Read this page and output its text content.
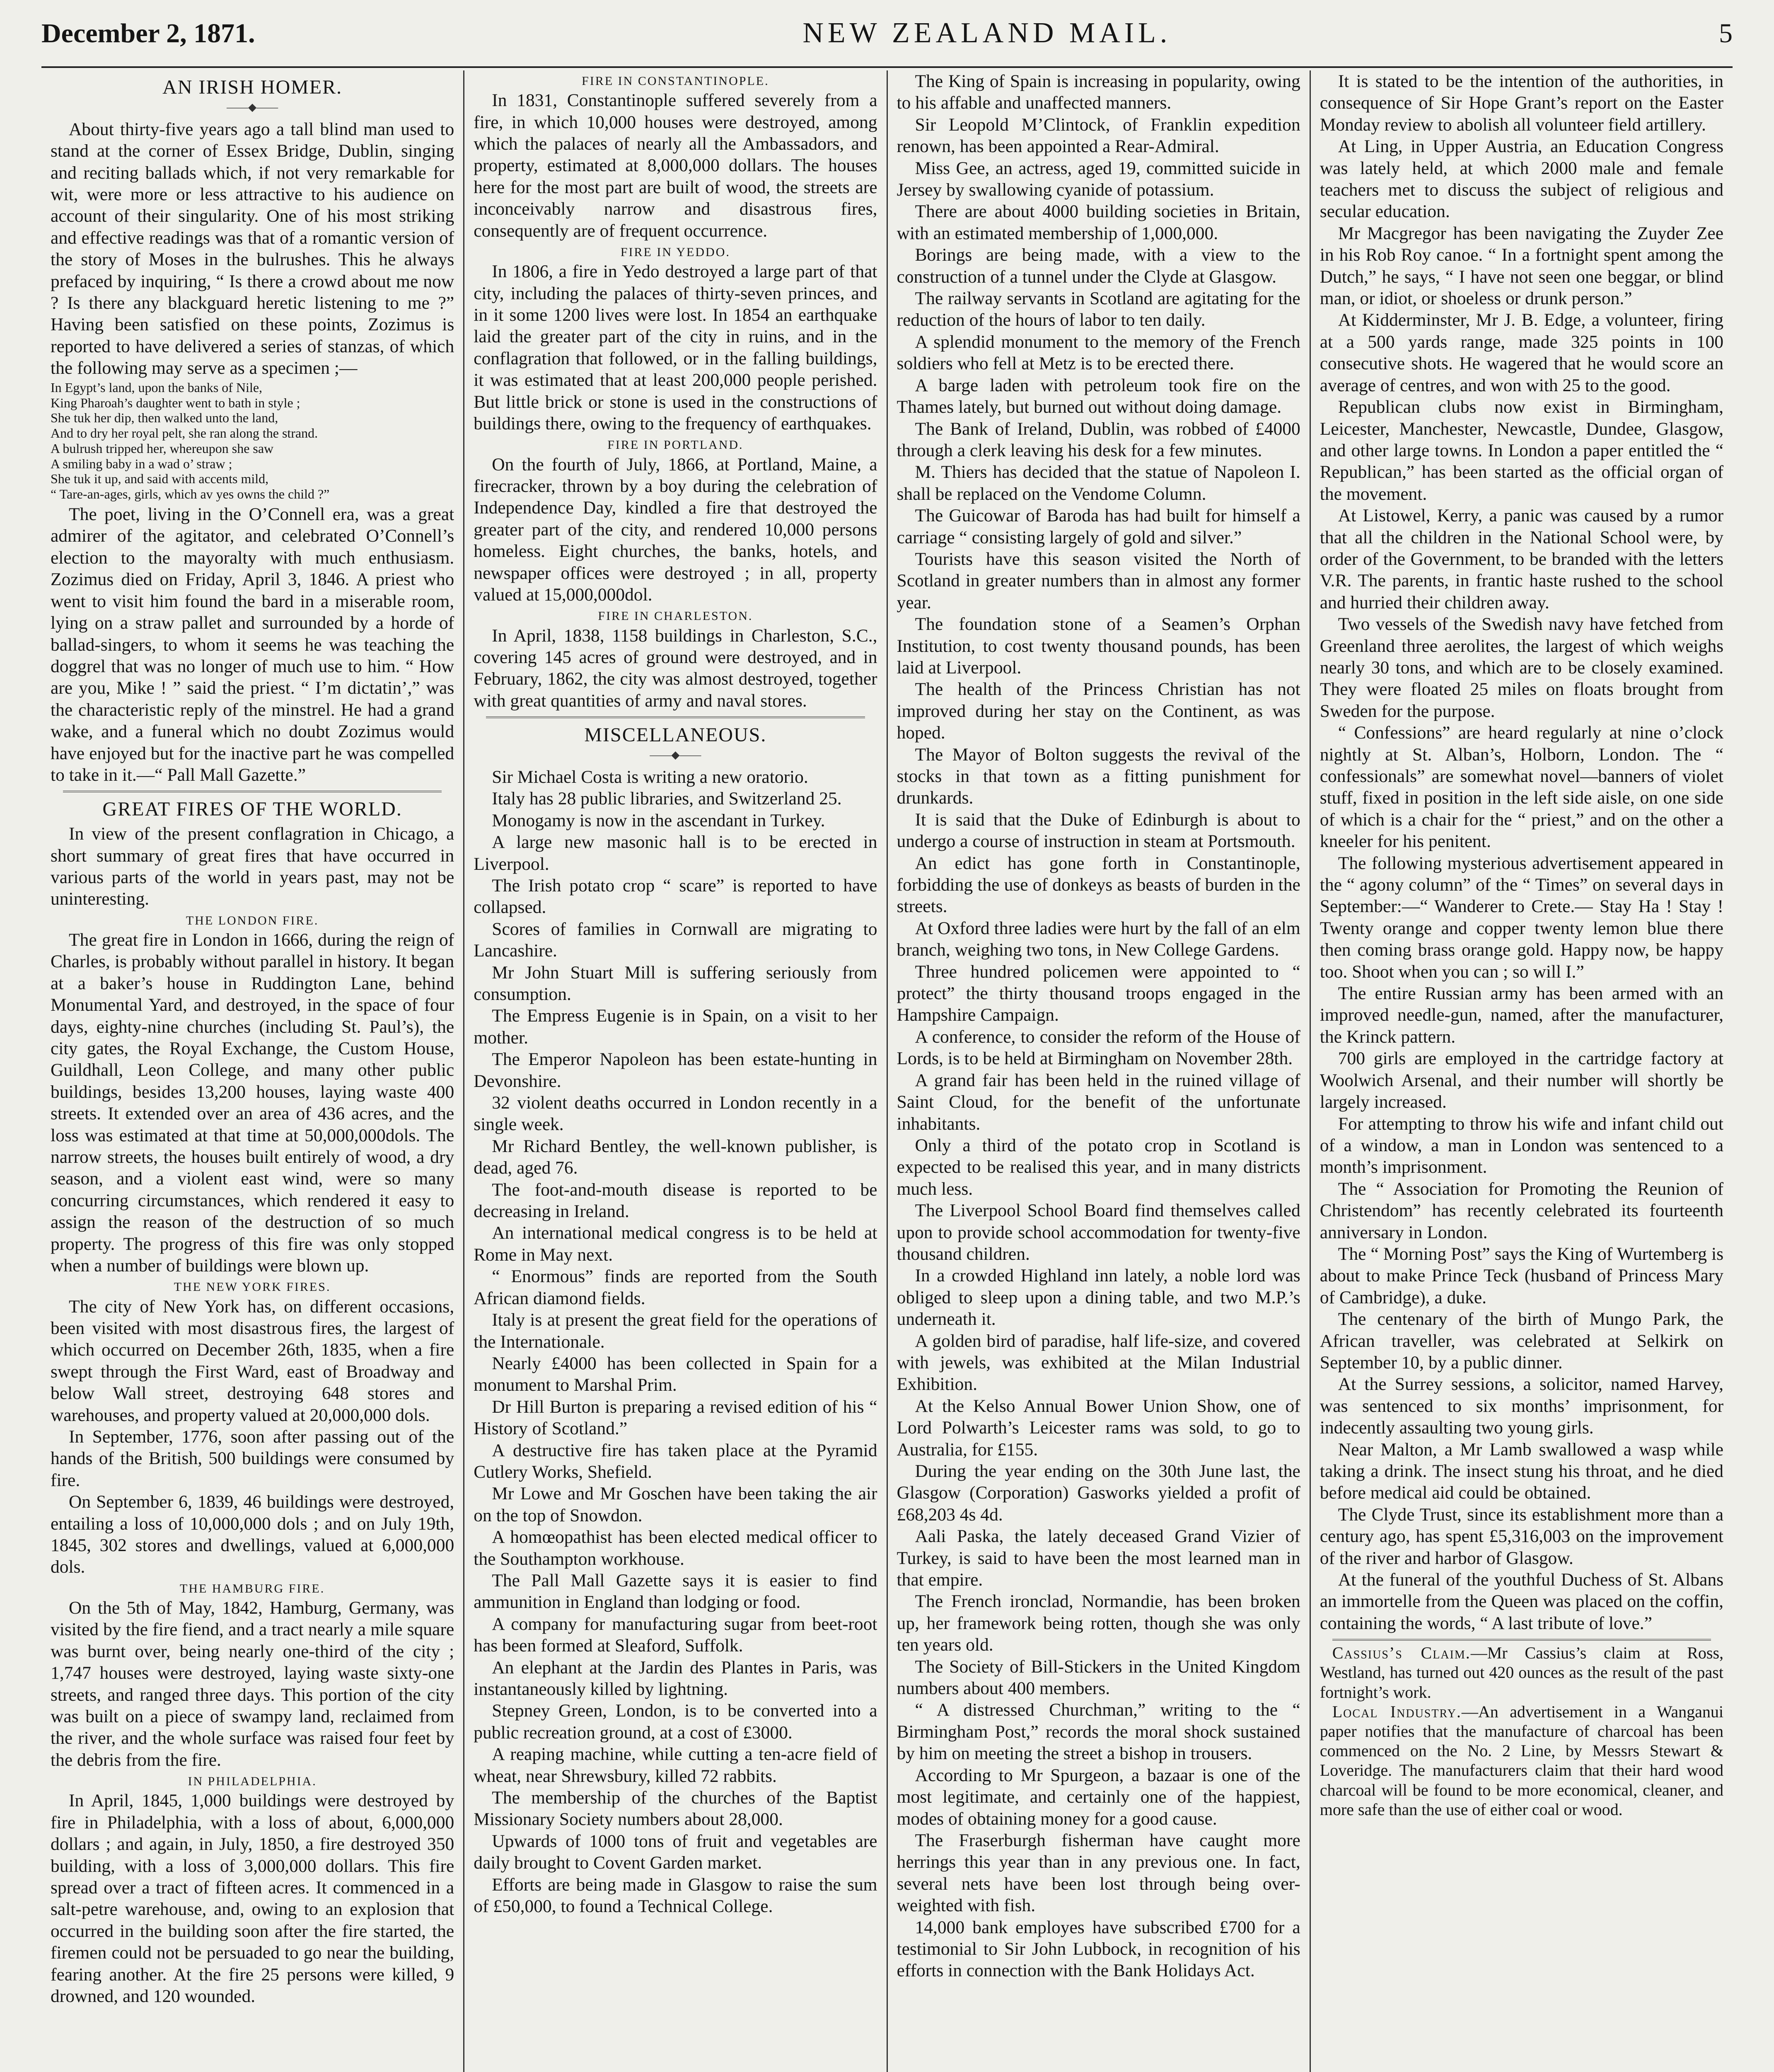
December 2, 1871.	NEW ZEALAND MAIL.	5
AN IRISH HOMER.
——◆——

About thirty-five years ago a tall blind man used to stand at the corner of Essex Bridge, Dublin, singing and reciting ballads which, if not very remarkable for wit, were more or less attractive to his audience on account of their singularity. One of his most striking and effective readings was that of a romantic version of the story of Moses in the bulrushes. This he always prefaced by inquiring, “ Is there a crowd about me now ? Is there any blackguard heretic listening to me ?” Having been satisfied on these points, Zozimus is reported to have delivered a series of stanzas, of which the following may serve as a specimen ;—

In Egypt’s land, upon the banks of Nile,
King Pharoah’s daughter went to bath in style ;
She tuk her dip, then walked unto the land,
And to dry her royal pelt, she ran along the strand.
A bulrush tripped her, whereupon she saw
A smiling baby in a wad o’ straw ;
She tuk it up, and said with accents mild,
“ Tare-an-ages, girls, which av yes owns the child ?”

The poet, living in the O’Connell era, was a great admirer of the agitator, and celebrated O’Connell’s election to the mayoralty with much enthusiasm. Zozimus died on Friday, April 3, 1846. A priest who went to visit him found the bard in a miserable room, lying on a straw pallet and surrounded by a horde of ballad-singers, to whom it seems he was teaching the doggrel that was no longer of much use to him. “ How are you, Mike ! ” said the priest. “ I’m dictatin’,” was the characteristic reply of the minstrel. He had a grand wake, and a funeral which no doubt Zozimus would have enjoyed but for the inactive part he was compelled to take in it.—“ Pall Mall Gazette.”

GREAT FIRES OF THE WORLD.

In view of the present conflagration in Chicago, a short summary of great fires that have occurred in various parts of the world in years past, may not be uninteresting.

THE LONDON FIRE.

The great fire in London in 1666, during the reign of Charles, is probably without parallel in history. It began at a baker’s house in Ruddington Lane, behind Monumental Yard, and destroyed, in the space of four days, eighty-nine churches (including St. Paul’s), the city gates, the Royal Exchange, the Custom House, Guildhall, Leon College, and many other public buildings, besides 13,200 houses, laying waste 400 streets. It extended over an area of 436 acres, and the loss was estimated at that time at 50,000,000dols. The narrow streets, the houses built entirely of wood, a dry season, and a violent east wind, were so many concurring circumstances, which rendered it easy to assign the reason of the destruction of so much property. The progress of this fire was only stopped when a number of buildings were blown up.

THE NEW YORK FIRES.

The city of New York has, on different occasions, been visited with most disastrous fires, the largest of which occurred on December 26th, 1835, when a fire swept through the First Ward, east of Broadway and below Wall street, destroying 648 stores and warehouses, and property valued at 20,000,000 dols.

In September, 1776, soon after passing out of the hands of the British, 500 buildings were consumed by fire.

On September 6, 1839, 46 buildings were destroyed, entailing a loss of 10,000,000 dols ; and on July 19th, 1845, 302 stores and dwellings, valued at 6,000,000 dols.

THE HAMBURG FIRE.

On the 5th of May, 1842, Hamburg, Germany, was visited by the fire fiend, and a tract nearly a mile square was burnt over, being nearly one-third of the city ; 1,747 houses were destroyed, laying waste sixty-one streets, and ranged three days. This portion of the city was built on a piece of swampy land, reclaimed from the river, and the whole surface was raised four feet by the debris from the fire.

IN PHILADELPHIA.

In April, 1845, 1,000 buildings were destroyed by fire in Philadelphia, with a loss of about, 6,000,000 dollars ; and again, in July, 1850, a fire destroyed 350 building, with a loss of 3,000,000 dollars. This fire spread over a tract of fifteen acres. It commenced in a salt-petre warehouse, and, owing to an explosion that occurred in the building soon after the fire started, the firemen could not be persuaded to go near the building, fearing another. At the fire 25 persons were killed, 9 drowned, and 120 wounded.

FIRE IN CONSTANTINOPLE.

In 1831, Constantinople suffered severely from a fire, in which 10,000 houses were destroyed, among which the palaces of nearly all the Ambassadors, and property, estimated at 8,000,000 dollars. The houses here for the most part are built of wood, the streets are inconceivably narrow and disastrous fires, consequently are of frequent occurrence.

FIRE IN YEDDO.

In 1806, a fire in Yedo destroyed a large part of that city, including the palaces of thirty-seven princes, and in it some 1200 lives were lost. In 1854 an earthquake laid the greater part of the city in ruins, and in the conflagration that followed, or in the falling buildings, it was estimated that at least 200,000 people perished. But little brick or stone is used in the constructions of buildings there, owing to the frequency of earthquakes.

FIRE IN PORTLAND.

On the fourth of July, 1866, at Portland, Maine, a firecracker, thrown by a boy during the celebration of Independence Day, kindled a fire that destroyed the greater part of the city, and rendered 10,000 persons homeless. Eight churches, the banks, hotels, and newspaper offices were destroyed ; in all, property valued at 15,000,000dol.

FIRE IN CHARLESTON.

In April, 1838, 1158 buildings in Charleston, S.C., covering 145 acres of ground were destroyed, and in February, 1862, the city was almost destroyed, together with great quantities of army and naval stores.

MISCELLANEOUS.
——◆——

Sir Michael Costa is writing a new oratorio.

Italy has 28 public libraries, and Switzerland 25.

Monogamy is now in the ascendant in Turkey.

A large new masonic hall is to be erected in Liverpool.

The Irish potato crop “ scare” is reported to have collapsed.

Scores of families in Cornwall are migrating to Lancashire.

Mr John Stuart Mill is suffering seriously from consumption.

The Empress Eugenie is in Spain, on a visit to her mother.

The Emperor Napoleon has been estate-hunting in Devonshire.

32 violent deaths occurred in London recently in a single week.

Mr Richard Bentley, the well-known publisher, is dead, aged 76.

The foot-and-mouth disease is reported to be decreasing in Ireland.

An international medical congress is to be held at Rome in May next.

“ Enormous” finds are reported from the South African diamond fields.

Italy is at present the great field for the operations of the Internationale.

Nearly £4000 has been collected in Spain for a monument to Marshal Prim.

Dr Hill Burton is preparing a revised edition of his “ History of Scotland.”

A destructive fire has taken place at the Pyramid Cutlery Works, Shefield.

Mr Lowe and Mr Goschen have been taking the air on the top of Snowdon.

A homœopathist has been elected medical officer to the Southampton workhouse.

The Pall Mall Gazette says it is easier to find ammunition in England than lodging or food.

A company for manufacturing sugar from beet-root has been formed at Sleaford, Suffolk.

An elephant at the Jardin des Plantes in Paris, was instantaneously killed by lightning.

Stepney Green, London, is to be converted into a public recreation ground, at a cost of £3000.

A reaping machine, while cutting a ten-acre field of wheat, near Shrewsbury, killed 72 rabbits.

The membership of the churches of the Baptist Missionary Society numbers about 28,000.

Upwards of 1000 tons of fruit and vegetables are daily brought to Covent Garden market.

Efforts are being made in Glasgow to raise the sum of £50,000, to found a Technical College.

The King of Spain is increasing in popularity, owing to his affable and unaffected manners.

Sir Leopold M’Clintock, of Franklin expedition renown, has been appointed a Rear-Admiral.

Miss Gee, an actress, aged 19, committed suicide in Jersey by swallowing cyanide of potassium.

There are about 4000 building societies in Britain, with an estimated membership of 1,000,000.

Borings are being made, with a view to the construction of a tunnel under the Clyde at Glasgow.

The railway servants in Scotland are agitating for the reduction of the hours of labor to ten daily.

A splendid monument to the memory of the French soldiers who fell at Metz is to be erected there.

A barge laden with petroleum took fire on the Thames lately, but burned out without doing damage.

The Bank of Ireland, Dublin, was robbed of £4000 through a clerk leaving his desk for a few minutes.

M. Thiers has decided that the statue of Napoleon I. shall be replaced on the Vendome Column.

The Guicowar of Baroda has had built for himself a carriage “ consisting largely of gold and silver.”

Tourists have this season visited the North of Scotland in greater numbers than in almost any former year.

The foundation stone of a Seamen’s Orphan Institution, to cost twenty thousand pounds, has been laid at Liverpool.

The health of the Princess Christian has not improved during her stay on the Continent, as was hoped.

The Mayor of Bolton suggests the revival of the stocks in that town as a fitting punishment for drunkards.

It is said that the Duke of Edinburgh is about to undergo a course of instruction in steam at Portsmouth.

An edict has gone forth in Constantinople, forbidding the use of donkeys as beasts of burden in the streets.

At Oxford three ladies were hurt by the fall of an elm branch, weighing two tons, in New College Gardens.

Three hundred policemen were appointed to “ protect” the thirty thousand troops engaged in the Hampshire Campaign.

A conference, to consider the reform of the House of Lords, is to be held at Birmingham on November 28th.

A grand fair has been held in the ruined village of Saint Cloud, for the benefit of the unfortunate inhabitants.

Only a third of the potato crop in Scotland is expected to be realised this year, and in many districts much less.

The Liverpool School Board find themselves called upon to provide school accommodation for twenty-five thousand children.

In a crowded Highland inn lately, a noble lord was obliged to sleep upon a dining table, and two M.P.’s underneath it.

A golden bird of paradise, half life-size, and covered with jewels, was exhibited at the Milan Industrial Exhibition.

At the Kelso Annual Bower Union Show, one of Lord Polwarth’s Leicester rams was sold, to go to Australia, for £155.

During the year ending on the 30th June last, the Glasgow (Corporation) Gasworks yielded a profit of £68,203 4s 4d.

Aali Paska, the lately deceased Grand Vizier of Turkey, is said to have been the most learned man in that empire.

The French ironclad, Normandie, has been broken up, her framework being rotten, though she was only ten years old.

The Society of Bill-Stickers in the United Kingdom numbers about 400 members.

“ A distressed Churchman,” writing to the “ Birmingham Post,” records the moral shock sustained by him on meeting the street a bishop in trousers.

According to Mr Spurgeon, a bazaar is one of the most legitimate, and certainly one of the happiest, modes of obtaining money for a good cause.

The Fraserburgh fisherman have caught more herrings this year than in any previous one. In fact, several nets have been lost through being over-weighted with fish.

14,000 bank employes have subscribed £700 for a testimonial to Sir John Lubbock, in recognition of his efforts in connection with the Bank Holidays Act.

It is stated to be the intention of the authorities, in consequence of Sir Hope Grant’s report on the Easter Monday review to abolish all volunteer field artillery.

At Ling, in Upper Austria, an Education Congress was lately held, at which 2000 male and female teachers met to discuss the subject of religious and secular education.

Mr Macgregor has been navigating the Zuyder Zee in his Rob Roy canoe. “ In a fortnight spent among the Dutch,” he says, “ I have not seen one beggar, or blind man, or idiot, or shoeless or drunk person.”

At Kidderminster, Mr J. B. Edge, a volunteer, firing at a 500 yards range, made 325 points in 100 consecutive shots. He wagered that he would score an average of centres, and won with 25 to the good.

Republican clubs now exist in Birmingham, Leicester, Manchester, Newcastle, Dundee, Glasgow, and other large towns. In London a paper entitled the “ Republican,” has been started as the official organ of the movement.

At Listowel, Kerry, a panic was caused by a rumor that all the children in the National School were, by order of the Government, to be branded with the letters V.R. The parents, in frantic haste rushed to the school and hurried their children away.

Two vessels of the Swedish navy have fetched from Greenland three aerolites, the largest of which weighs nearly 30 tons, and which are to be closely examined. They were floated 25 miles on floats brought from Sweden for the purpose.

“ Confessions” are heard regularly at nine o’clock nightly at St. Alban’s, Holborn, London. The “ confessionals” are somewhat novel—banners of violet stuff, fixed in position in the left side aisle, on one side of which is a chair for the “ priest,” and on the other a kneeler for his penitent.

The following mysterious advertisement appeared in the “ agony column” of the “ Times” on several days in September:—“ Wanderer to Crete.— Stay Ha ! Stay ! Twenty orange and copper twenty lemon blue there then coming brass orange gold. Happy now, be happy too. Shoot when you can ; so will I.”

The entire Russian army has been armed with an improved needle-gun, named, after the manufacturer, the Krinck pattern.

700 girls are employed in the cartridge factory at Woolwich Arsenal, and their number will shortly be largely increased.

For attempting to throw his wife and infant child out of a window, a man in London was sentenced to a month’s imprisonment.

The “ Association for Promoting the Reunion of Christendom” has recently celebrated its fourteenth anniversary in London.

The “ Morning Post” says the King of Wurtemberg is about to make Prince Teck (husband of Princess Mary of Cambridge), a duke.

The centenary of the birth of Mungo Park, the African traveller, was celebrated at Selkirk on September 10, by a public dinner.

At the Surrey sessions, a solicitor, named Harvey, was sentenced to six months’ imprisonment, for indecently assaulting two young girls.

Near Malton, a Mr Lamb swallowed a wasp while taking a drink. The insect stung his throat, and he died before medical aid could be obtained.

The Clyde Trust, since its establishment more than a century ago, has spent £5,316,003 on the improvement of the river and harbor of Glasgow.

At the funeral of the youthful Duchess of St. Albans an immortelle from the Queen was placed on the coffin, containing the words, “ A last tribute of love.”

Cassius’s Claim.—Mr Cassius’s claim at Ross, Westland, has turned out 420 ounces as the result of the past fortnight’s work.

Local Industry.—An advertisement in a Wanganui paper notifies that the manufacture of charcoal has been commenced on the No. 2 Line, by Messrs Stewart & Loveridge. The manufacturers claim that their hard wood charcoal will be found to be more economical, cleaner, and more safe than the use of either coal or wood.
